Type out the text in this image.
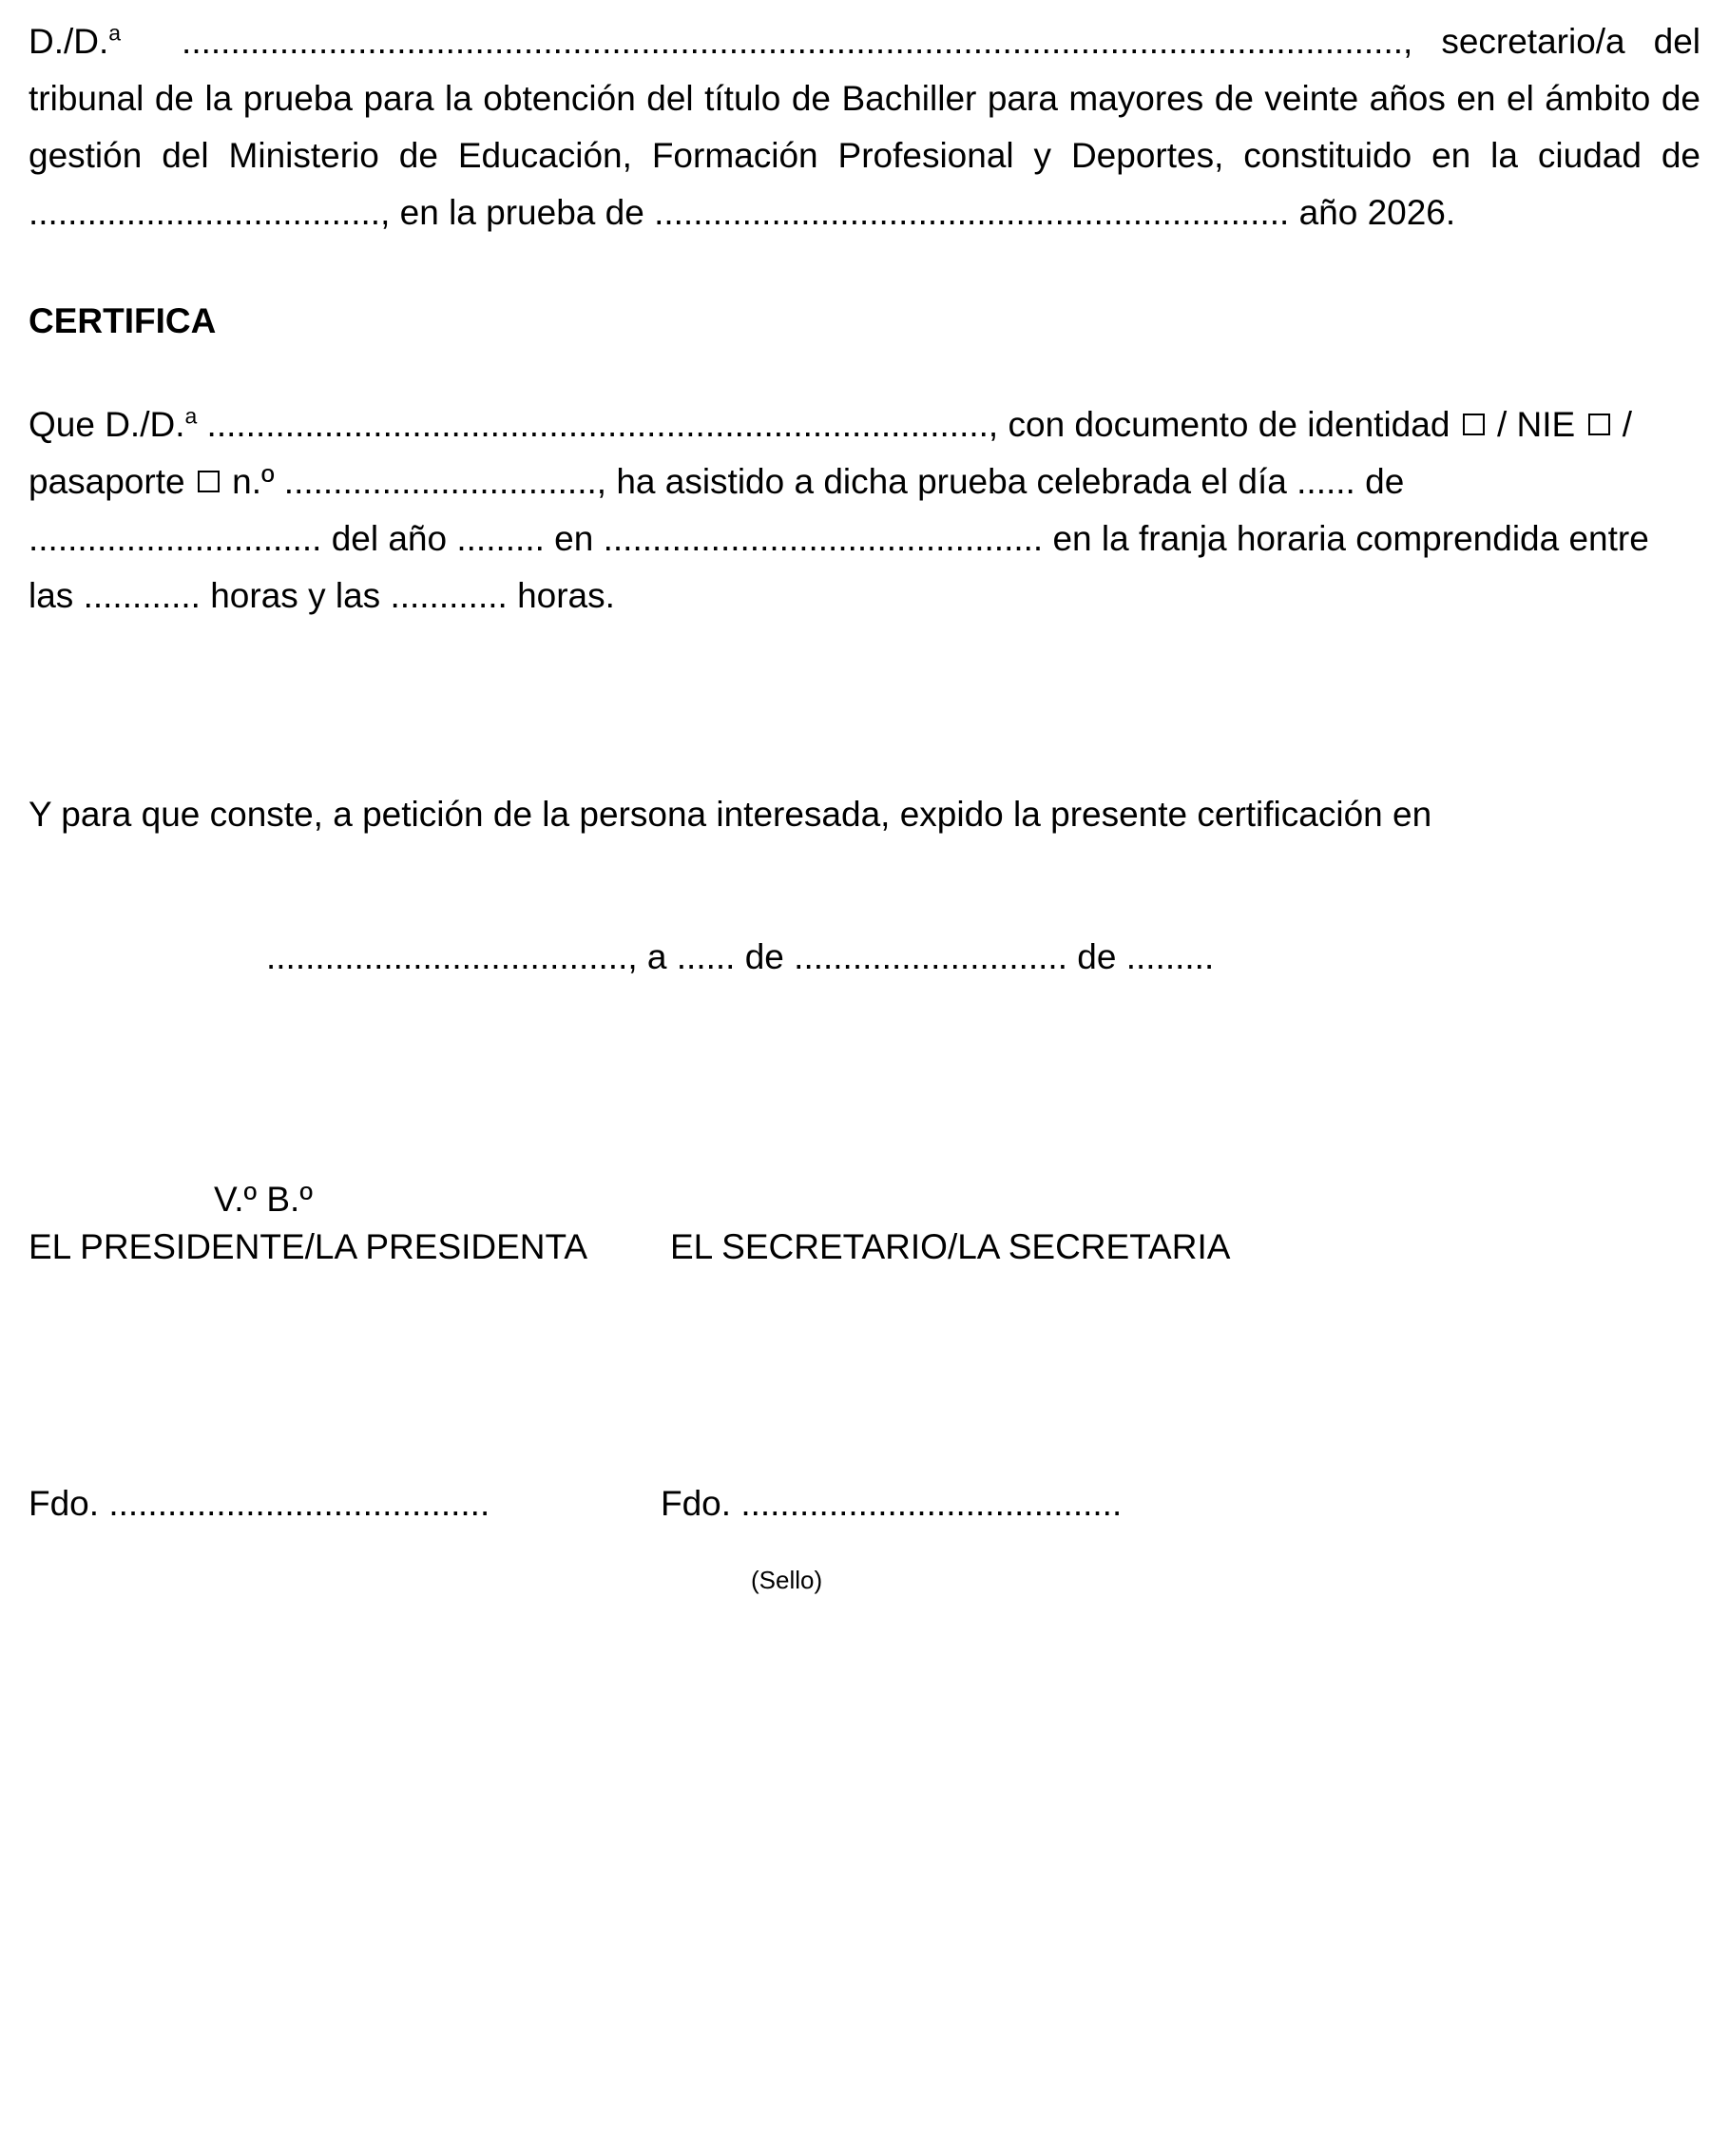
D./D.$^a$ ............................................................................................................................., secretario/a del tribunal de la prueba para la obtención del título de Bachiller para mayores de veinte años en el ámbito de gestión del Ministerio de Educación, Formación Profesional y Deportes, constituido en la ciudad de ...................................., en la prueba de ................................................................. año 2026.

CERTIFICA

Que D./D.$^a$ ................................................................................, con documento de identidad / NIE / pasaporte n.º ................................, ha asistido a dicha prueba celebrada el día ...... de .............................. del año ......... en ............................................. en la franja horaria comprendida entre las ............ horas y las ............ horas.

Y para que conste, a petición de la persona interesada, expido la presente certificación en

....................................., a ...... de ............................ de .........

V.º B.º
EL PRESIDENTE/LA PRESIDENTA	EL SECRETARIO/LA SECRETARIA
Fdo. .......................................	Fdo. .......................................
(Sello)
